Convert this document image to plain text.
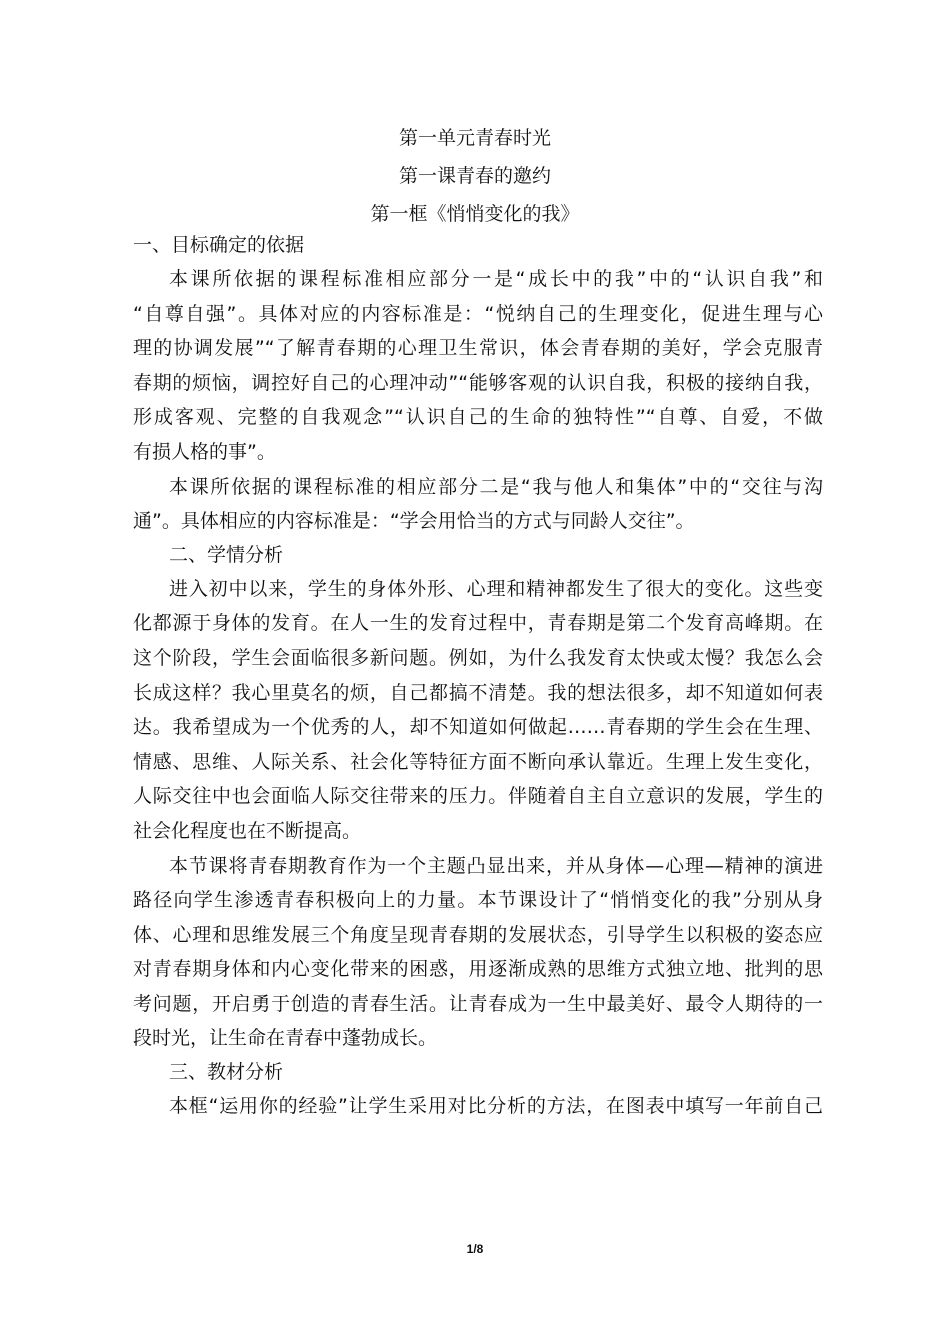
第一单元青春时光
第一课青春的邀约
第一框《悄悄变化的我》
一、目标确定的依据
本课所依据的课程标准相应部分一是“成长中的我”中的“认识自我”和
“自尊自强”。具体对应的内容标准是：“悦纳自己的生理变化，促进生理与心
理的协调发展”“了解青春期的心理卫生常识，体会青春期的美好，学会克服青
春期的烦恼，调控好自己的心理冲动”“能够客观的认识自我，积极的接纳自我，
形成客观、完整的自我观念”“认识自己的生命的独特性”“自尊、自爱，不做
有损人格的事”。
本课所依据的课程标准的相应部分二是“我与他人和集体”中的“交往与沟
通”。具体相应的内容标准是：“学会用恰当的方式与同龄人交往”。
二、学情分析
进入初中以来，学生的身体外形、心理和精神都发生了很大的变化。这些变
化都源于身体的发育。在人一生的发育过程中，青春期是第二个发育高峰期。在
这个阶段，学生会面临很多新问题。例如，为什么我发育太快或太慢？我怎么会
长成这样？我心里莫名的烦，自己都搞不清楚。我的想法很多，却不知道如何表
达。我希望成为一个优秀的人，却不知道如何做起……青春期的学生会在生理、
情感、思维、人际关系、社会化等特征方面不断向承认靠近。生理上发生变化，
人际交往中也会面临人际交往带来的压力。伴随着自主自立意识的发展，学生的
社会化程度也在不断提高。
本节课将青春期教育作为一个主题凸显出来，并从身体—心理—精神的演进
路径向学生渗透青春积极向上的力量。本节课设计了“悄悄变化的我”分别从身
体、心理和思维发展三个角度呈现青春期的发展状态，引导学生以积极的姿态应
对青春期身体和内心变化带来的困惑，用逐渐成熟的思维方式独立地、批判的思
考问题，开启勇于创造的青春生活。让青春成为一生中最美好、最令人期待的一
段时光，让生命在青春中蓬勃成长。
三、教材分析
本框“运用你的经验”让学生采用对比分析的方法，在图表中填写一年前自己
1/8
